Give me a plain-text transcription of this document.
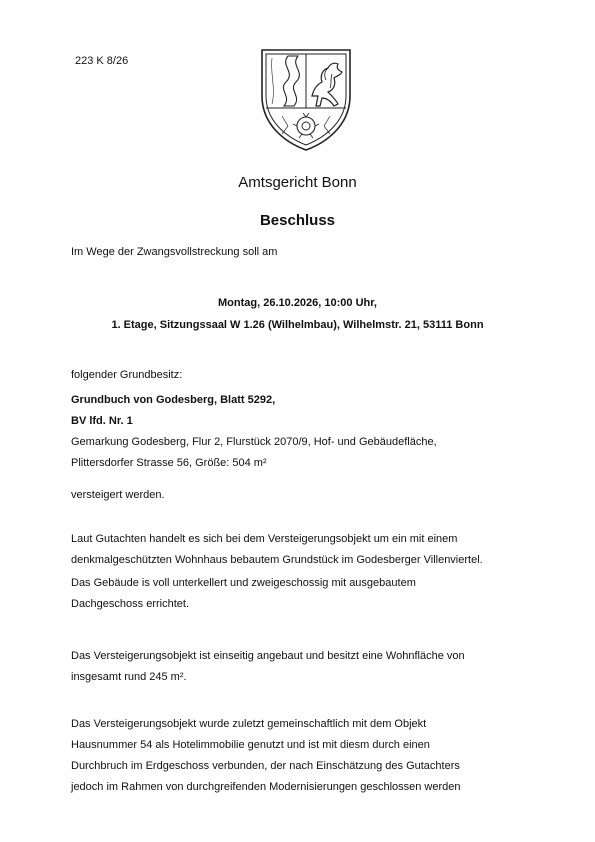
223 K 8/26
Amtsgericht Bonn
Beschluss
Im Wege der Zwangsvollstreckung soll am
Montag, 26.10.2026, 10:00 Uhr,
1. Etage, Sitzungssaal W 1.26 (Wilhelmbau), Wilhelmstr. 21, 53111 Bonn
folgender Grundbesitz:
Grundbuch von Godesberg, Blatt 5292,
BV lfd. Nr. 1
Gemarkung Godesberg, Flur 2, Flurstück 2070/9, Hof- und Gebäudefläche,
Plittersdorfer Strasse 56, Größe: 504 m²
versteigert werden.
Laut Gutachten handelt es sich bei dem Versteigerungsobjekt um ein mit einem
denkmalgeschützten Wohnhaus bebautem Grundstück im Godesberger Villenviertel.
Das Gebäude is voll unterkellert und zweigeschossig mit ausgebautem
Dachgeschoss errichtet.
Das Versteigerungsobjekt ist einseitig angebaut und besitzt eine Wohnfläche von
insgesamt rund 245 m².
Das Versteigerungsobjekt wurde zuletzt gemeinschaftlich mit dem Objekt
Hausnummer 54 als Hotelimmobilie genutzt und ist mit diesm durch einen
Durchbruch im Erdgeschoss verbunden, der nach Einschätzung des Gutachters
jedoch im Rahmen von durchgreifenden Modernisierungen geschlossen werden
